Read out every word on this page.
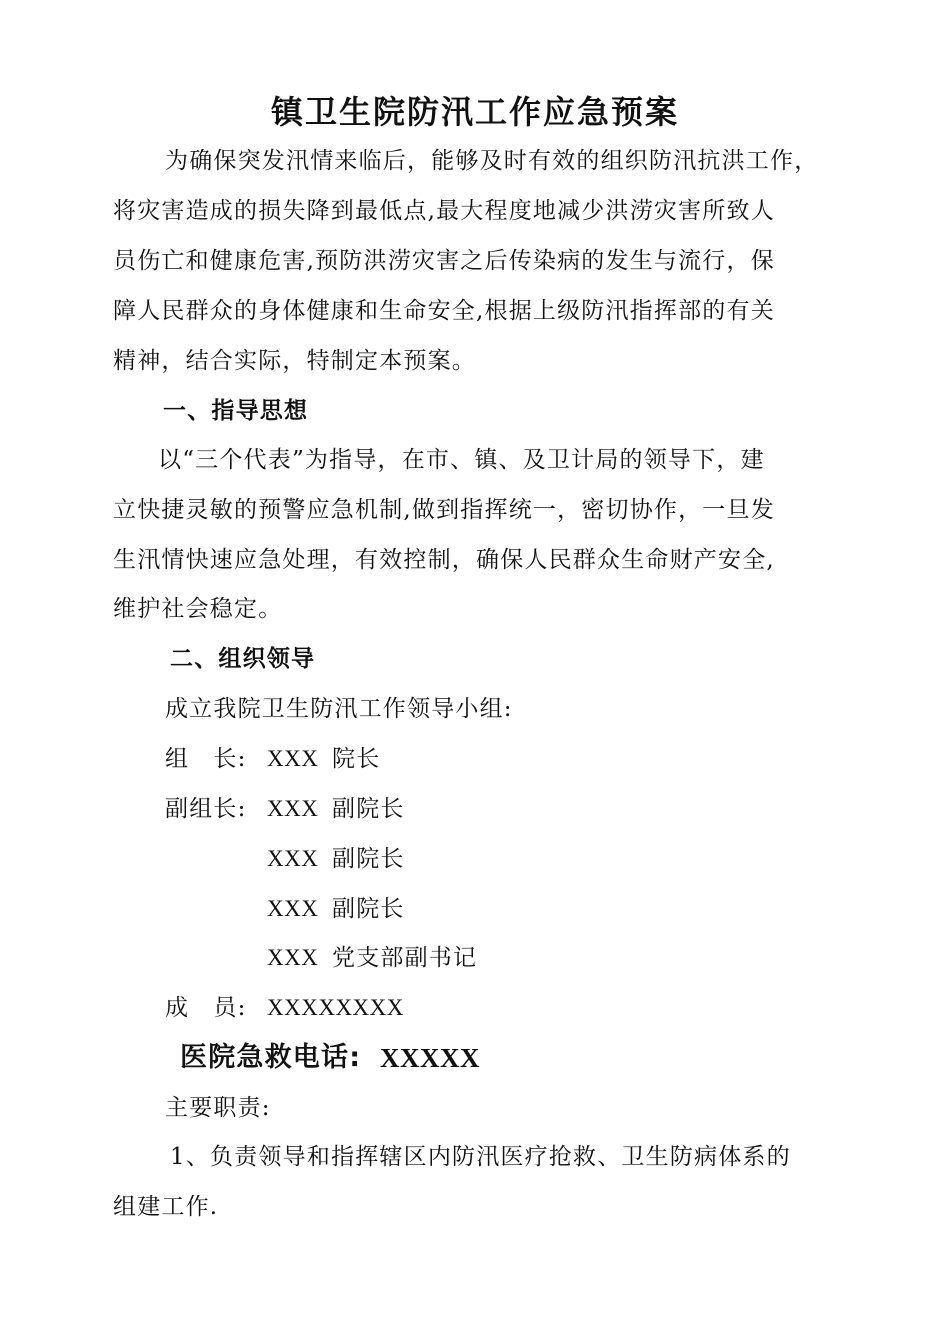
镇卫生院防汛工作应急预案
为确保突发汛情来临后，能够及时有效的组织防汛抗洪工作，
将灾害造成的损失降到最低点,最大程度地减少洪涝灾害所致人
员伤亡和健康危害,预防洪涝灾害之后传染病的发生与流行，保
障人民群众的身体健康和生命安全,根据上级防汛指挥部的有关
精神，结合实际，特制定本预案。
一、指导思想
以“三个代表”为指导，在市、镇、及卫计局的领导下，建
立快捷灵敏的预警应急机制,做到指挥统一，密切协作，一旦发
生汛情快速应急处理，有效控制，确保人民群众生命财产安全,
维护社会稳定。
二、组织领导
成立我院卫生防汛工作领导小组:
组　长: XXX 院长
副组长: XXX 副院长
XXX 副院长
XXX 副院长
XXX 党支部副书记
成　员: XXXXXXXX
医院急救电话: XXXXX
主要职责:
1、负责领导和指挥辖区内防汛医疗抢救、卫生防病体系的
组建工作.
